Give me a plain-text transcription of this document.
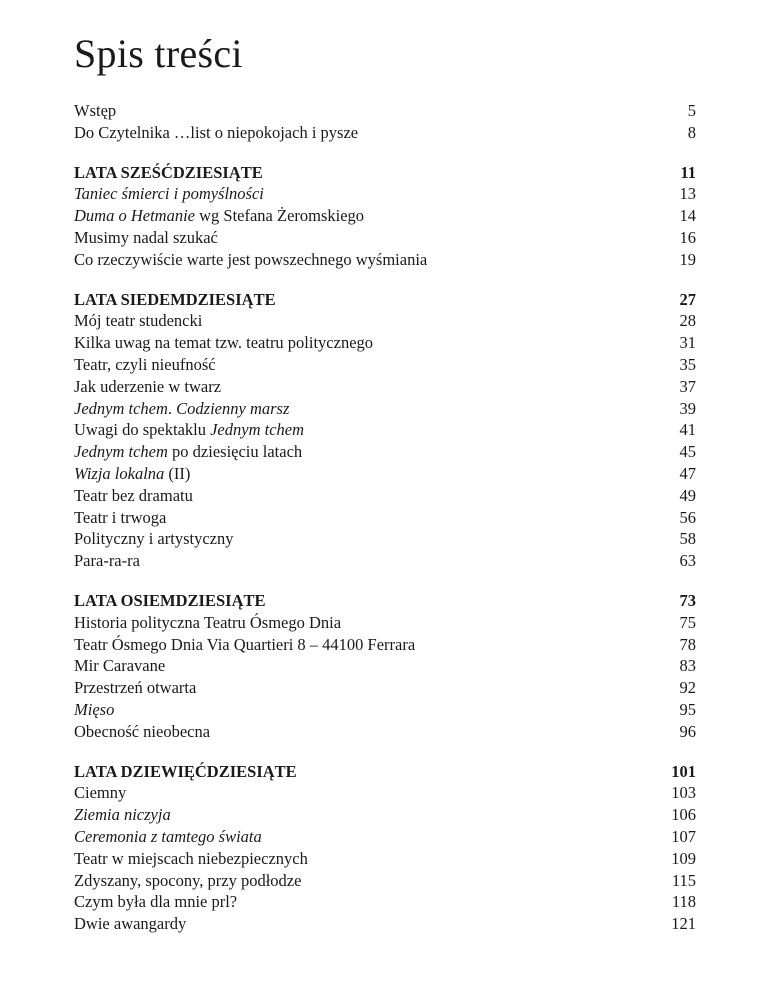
Spis treści
Wstęp	5
Do Czytelnika …list o niepokojach i pysze	8
LATA SZEŚĆDZIESIĄTE	11
Taniec śmierci i pomyślności	13
Duma o Hetmanie wg Stefana Żeromskiego	14
Musimy nadal szukać	16
Co rzeczywiście warte jest powszechnego wyśmiania	19
LATA SIEDEMDZIESIĄTE	27
Mój teatr studencki	28
Kilka uwag na temat tzw. teatru politycznego	31
Teatr, czyli nieufność	35
Jak uderzenie w twarz	37
Jednym tchem. Codzienny marsz	39
Uwagi do spektaklu Jednym tchem	41
Jednym tchem po dziesięciu latach	45
Wizja lokalna (II)	47
Teatr bez dramatu	49
Teatr i trwoga	56
Polityczny i artystyczny	58
Para-ra-ra	63
LATA OSIEMDZIESIĄTE	73
Historia polityczna Teatru Ósmego Dnia	75
Teatr Ósmego Dnia Via Quartieri 8 – 44100 Ferrara	78
Mir Caravane	83
Przestrzeń otwarta	92
Mięso	95
Obecność nieobecna	96
LATA DZIEWIĘĆDZIESIĄTE	101
Ciemny	103
Ziemia niczyja	106
Ceremonia z tamtego świata	107
Teatr w miejscach niebezpiecznych	109
Zdyszany, spocony, przy podłodze	115
Czym była dla mnie prl?	118
Dwie awangardy	121
